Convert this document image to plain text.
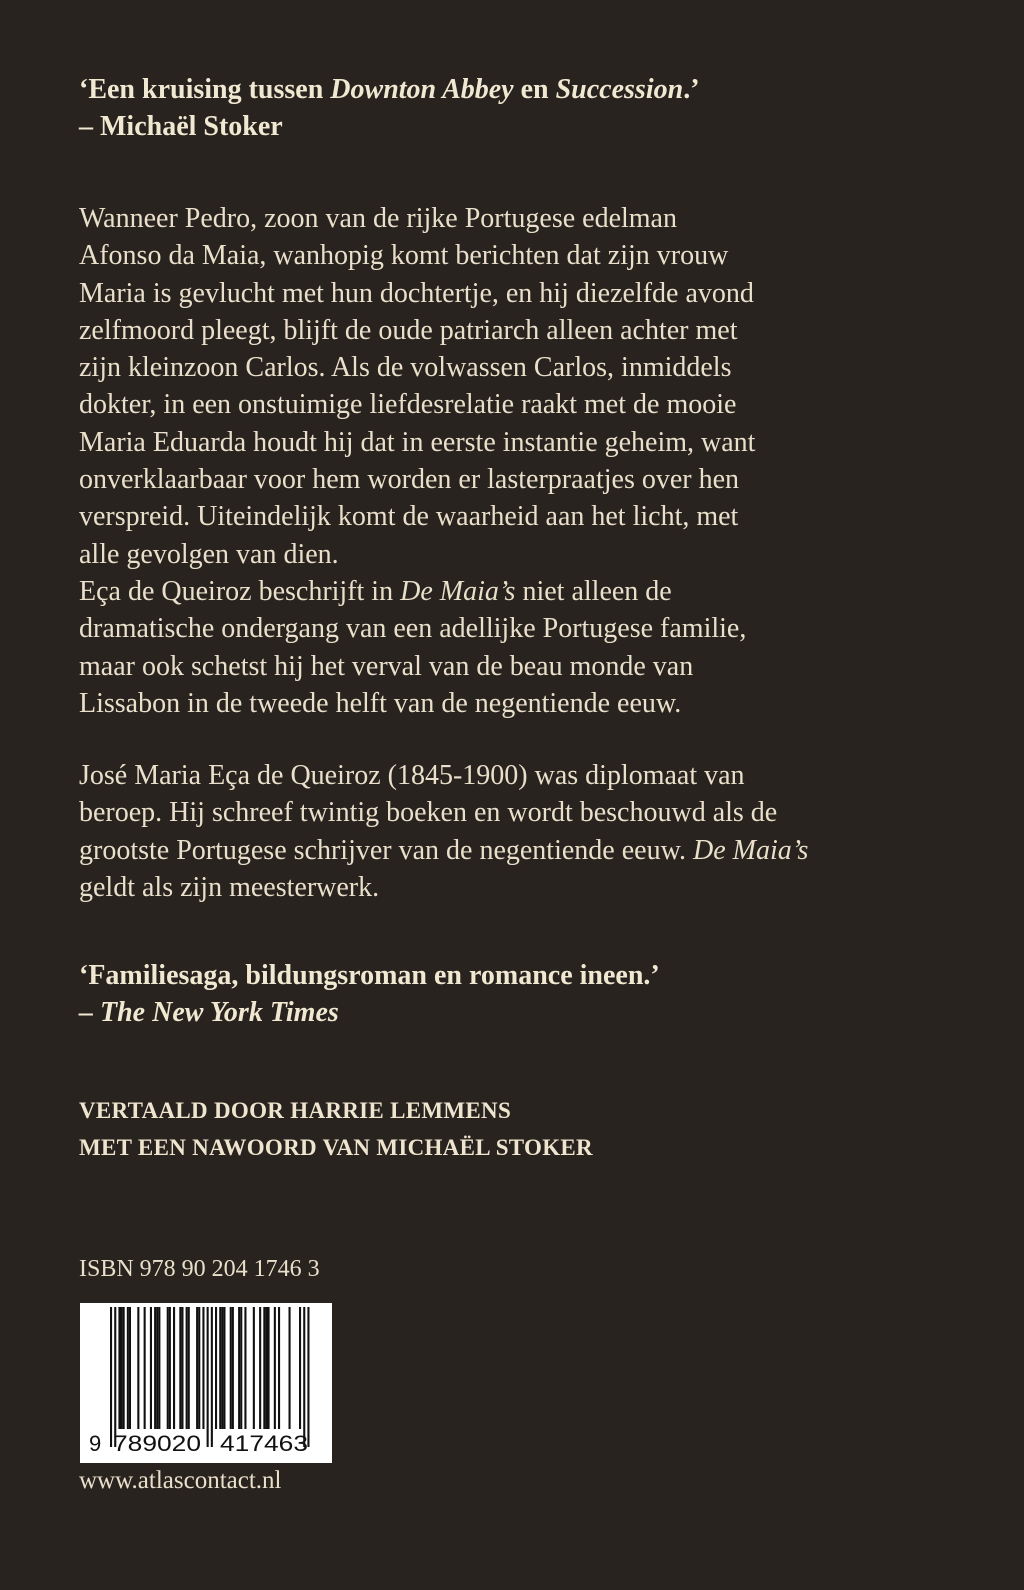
‘Een kruising tussen Downton Abbey en Succession.’
– Michaël Stoker
Wanneer Pedro, zoon van de rijke Portugese edelman
Afonso da Maia, wanhopig komt berichten dat zijn vrouw
Maria is gevlucht met hun dochtertje, en hij diezelfde avond
zelfmoord pleegt, blijft de oude patriarch alleen achter met
zijn kleinzoon Carlos. Als de volwassen Carlos, inmiddels
dokter, in een onstuimige liefdesrelatie raakt met de mooie
Maria Eduarda houdt hij dat in eerste instantie geheim, want
onverklaarbaar voor hem worden er lasterpraatjes over hen
verspreid. Uiteindelijk komt de waarheid aan het licht, met
alle gevolgen van dien.
Eça de Queiroz beschrijft in De Maia’s niet alleen de
dramatische ondergang van een adellijke Portugese familie,
maar ook schetst hij het verval van de beau monde van
Lissabon in de tweede helft van de negentiende eeuw.
José Maria Eça de Queiroz (1845-1900) was diplomaat van
beroep. Hij schreef twintig boeken en wordt beschouwd als de
grootste Portugese schrijver van de negentiende eeuw. De Maia’s
geldt als zijn meesterwerk.
‘Familiesaga, bildungsroman en romance ineen.’
– The New York Times
VERTAALD DOOR HARRIE LEMMENS
MET EEN NAWOORD VAN MICHAËL STOKER
ISBN 978 90 204 1746 3
9 789020 417463
www.atlascontact.nl
